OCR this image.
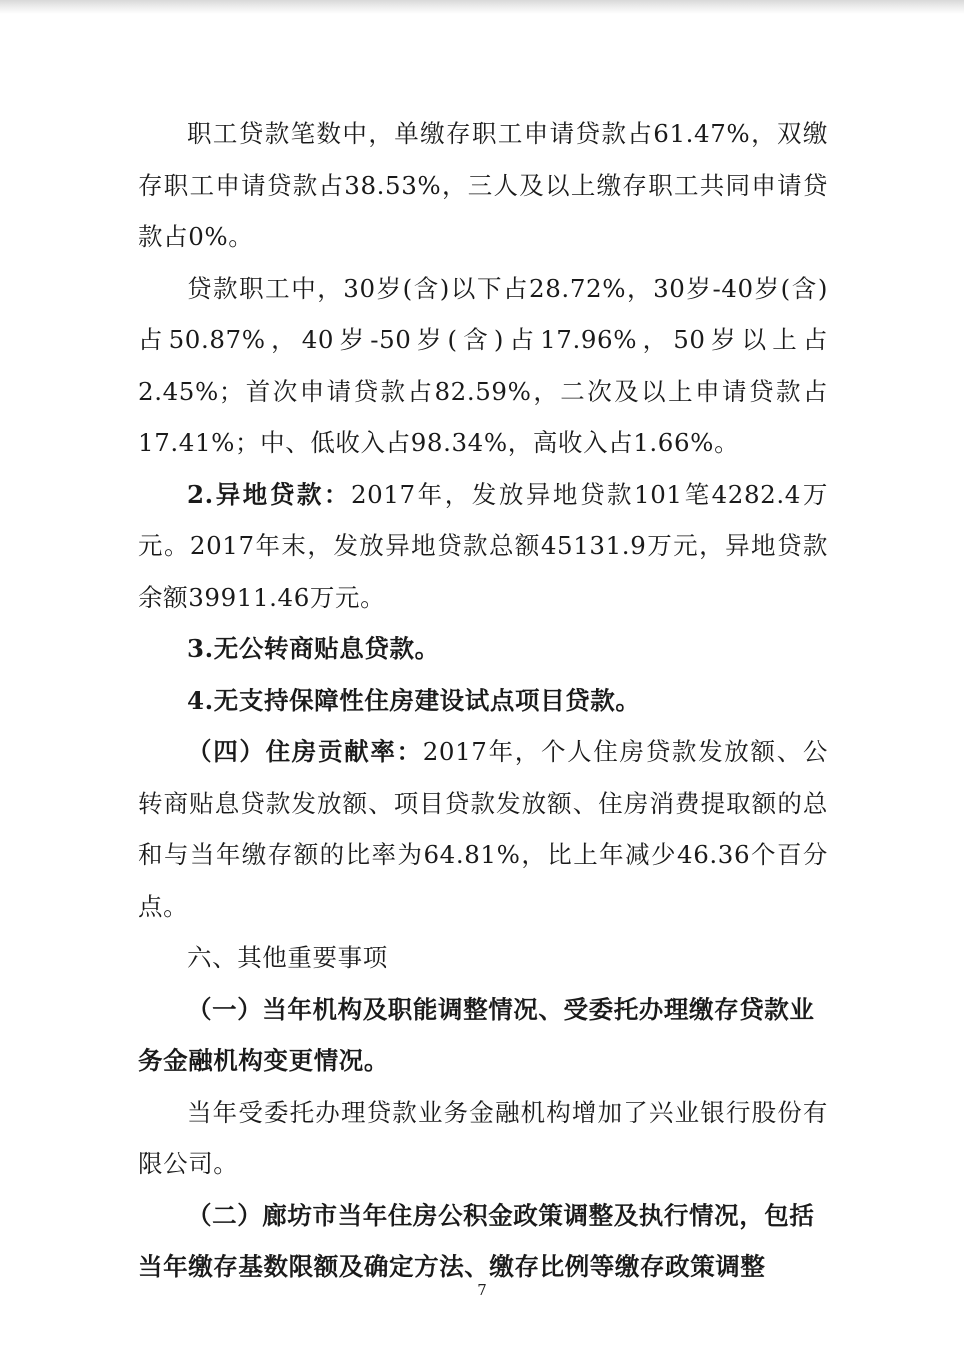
职工贷款笔数中，单缴存职工申请贷款占61.47%，双缴存职工申请贷款占38.53%，三人及以上缴存职工共同申请贷款占0%。

贷款职工中，30岁(含)以下占28.72%，30岁-40岁(含)占50.87%，40岁-50岁(含)占17.96%，50岁以上占2.45%；首次申请贷款占82.59%，二次及以上申请贷款占17.41%；中、低收入占98.34%，高收入占1.66%。

2.异地贷款：2017年，发放异地贷款101笔4282.4万元。2017年末，发放异地贷款总额45131.9万元，异地贷款余额39911.46万元。

3.无公转商贴息贷款。

4.无支持保障性住房建设试点项目贷款。

（四）住房贡献率：2017年，个人住房贷款发放额、公转商贴息贷款发放额、项目贷款发放额、住房消费提取额的总和与当年缴存额的比率为64.81%，比上年减少46.36个百分点。

六、其他重要事项

（一）当年机构及职能调整情况、受委托办理缴存贷款业务金融机构变更情况。

当年受委托办理贷款业务金融机构增加了兴业银行股份有限公司。

（二）廊坊市当年住房公积金政策调整及执行情况，包括当年缴存基数限额及确定方法、缴存比例等缴存政策调整

7
